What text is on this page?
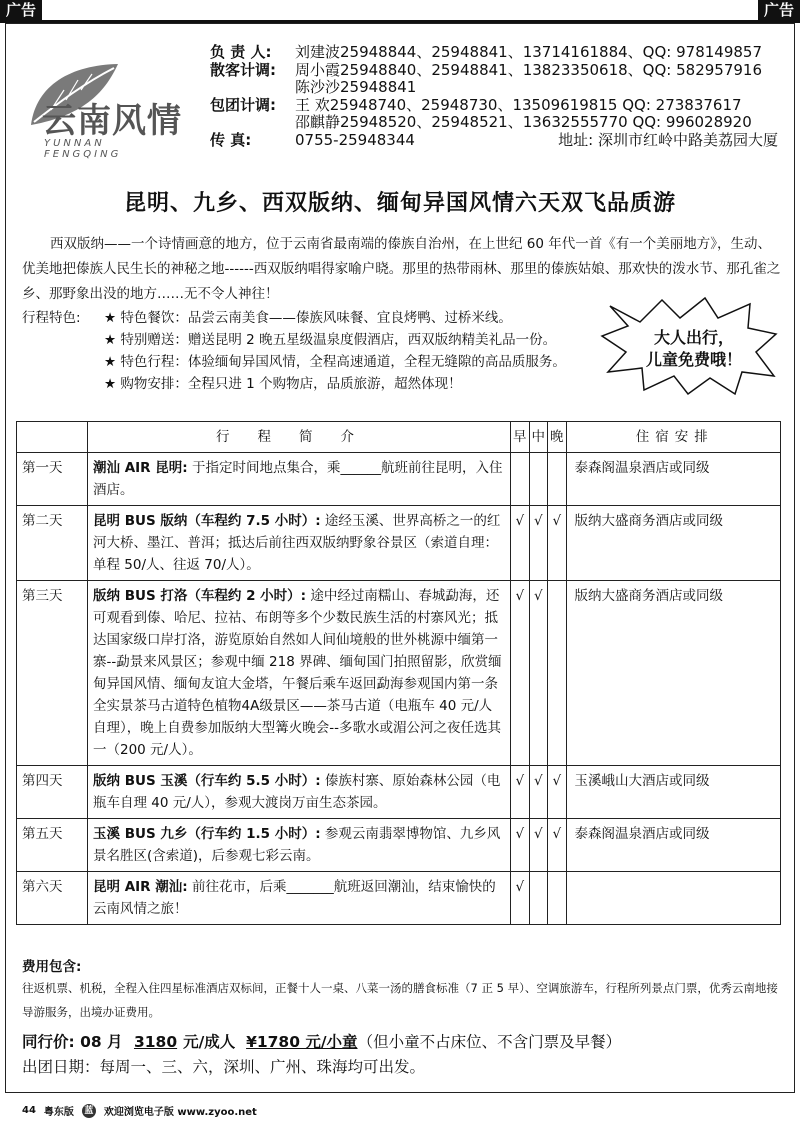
广告	广告
云南风情
YUNNAN FENGQING
负 责 人:	刘建波25948844、25948841、13714161884、QQ: 978149857
散客计调:	周小霞25948840、25948841、13823350618、QQ: 582957916
陈沙沙25948841
包团计调:	王 欢25948740、25948730、13509619815 QQ: 273837617
邵麒静25948520、25948521、13632555770 QQ: 996028920
传 真:	0755-25948344	地址: 深圳市红岭中路美荔园大厦
昆明、九乡、西双版纳、缅甸异国风情六天双飞品质游
西双版纳——一个诗情画意的地方，位于云南省最南端的傣族自治州，在上世纪 60 年代一首《有一个美丽地方》，生动、优美地把傣族人民生长的神秘之地------西双版纳唱得家喻户晓。那里的热带雨林、那里的傣族姑娘、那欢快的泼水节、那孔雀之乡、那野象出没的地方……无不令人神往！
行程特色: ★ 特色餐饮：品尝云南美食——傣族风味餐、宜良烤鸭、过桥米线。
★ 特别赠送：赠送昆明 2 晚五星级温泉度假酒店，西双版纳精美礼品一份。
★ 特色行程：体验缅甸异国风情，全程高速通道，全程无缝隙的高品质服务。
★ 购物安排：全程只进 1 个购物店，品质旅游，超然体现！
大人出行，
儿童免费哦！
	行程简介	早	中	晚	住宿安排
第一天	潮汕 AIR 昆明: 于指定时间地点集合，乘______航班前往昆明，入住酒店。				泰森阁温泉酒店或同级
第二天	昆明 BUS 版纳（车程约 7.5 小时）: 途经玉溪、世界高桥之一的红河大桥、墨江、普洱；抵达后前往西双版纳野象谷景区（索道自理：单程 50/人、往返 70/人）。	√	√	√	版纳大盛商务酒店或同级
第三天	版纳 BUS 打洛（车程约 2 小时）: 途中经过南糯山、春城勐海，还可观看到傣、哈尼、拉祜、布朗等多个少数民族生活的村寨风光；抵达国家级口岸打洛，游览原始自然如人间仙境般的世外桃源中缅第一寨--勐景来风景区；参观中缅 218 界碑、缅甸国门拍照留影，欣赏缅甸异国风情、缅甸友谊大金塔，午餐后乘车返回勐海参观国内第一条全实景茶马古道特色植物4A级景区——茶马古道（电瓶车 40 元/人自理），晚上自费参加版纳大型篝火晚会--多歌水或湄公河之夜任选其一（200 元/人）。	√	√		版纳大盛商务酒店或同级
第四天	版纳 BUS 玉溪（行车约 5.5 小时）: 傣族村寨、原始森林公园（电瓶车自理 40 元/人），参观大渡岗万亩生态茶园。	√	√	√	玉溪峨山大酒店或同级
第五天	玉溪 BUS 九乡（行车约 1.5 小时）: 参观云南翡翠博物馆、九乡风景名胜区(含索道)，后参观七彩云南。	√	√	√	泰森阁温泉酒店或同级
第六天	昆明 AIR 潮汕: 前往花市，后乘_______航班返回潮汕，结束愉快的云南风情之旅！	√			
费用包含:
往返机票、机税，全程入住四星标准酒店双标间，正餐十人一桌、八菜一汤的膳食标准（7 正 5 早）、空调旅游车，行程所列景点门票，优秀云南地接导游服务，出境办证费用。
同行价: 08 月 3180 元/成人 ¥1780 元/小童（但小童不占床位、不含门票及早餐）
出团日期：每周一、三、六，深圳、广州、珠海均可出发。
44 粤东版 蓝 欢迎浏览电子版 www.zyoo.net
